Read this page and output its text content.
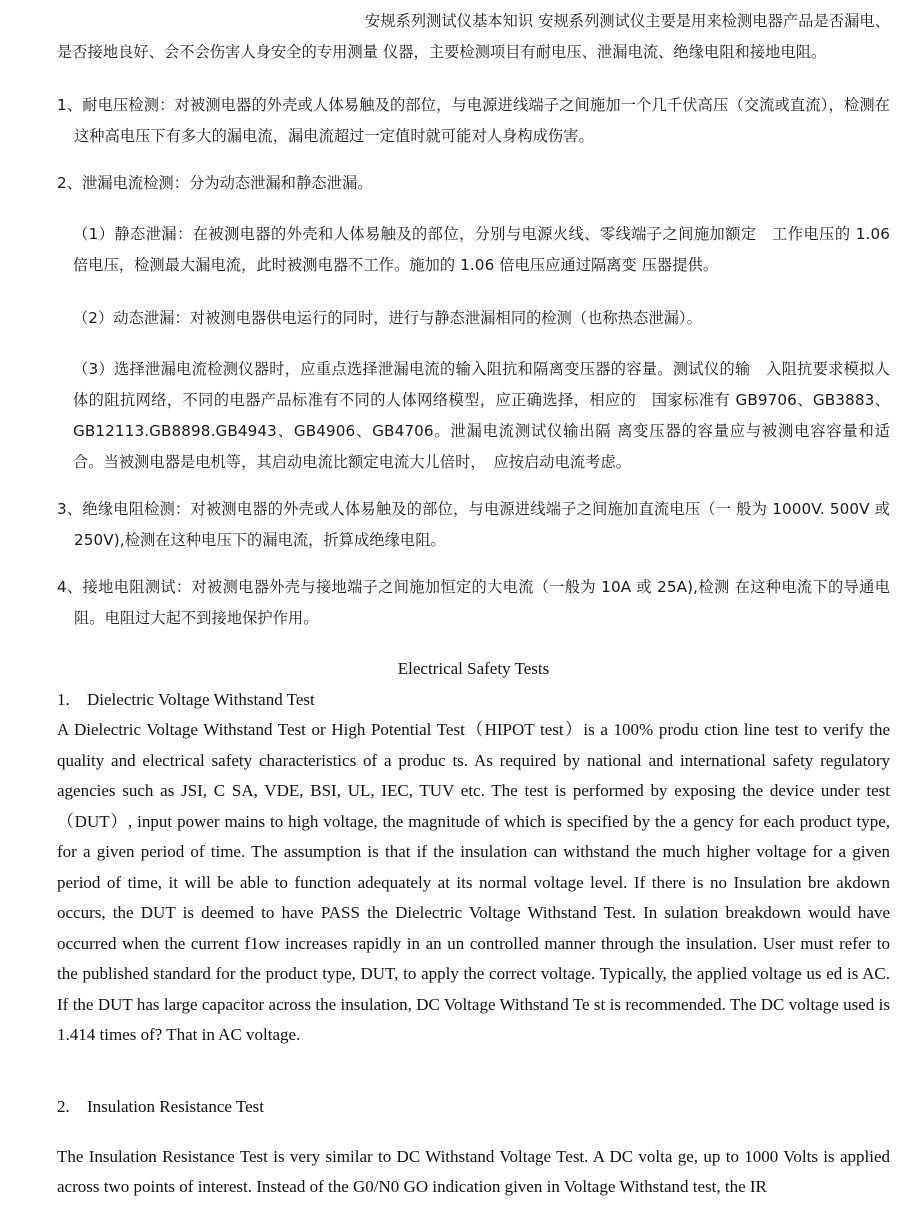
安规系列测试仪基本知识 安规系列测试仪主要是用来检测电器产品是否漏电、是否接地良好、会不会伤害人身安全的专用测量 仪器，主要检测项目有耐电压、泄漏电流、绝缘电阻和接地电阻。

1、耐电压检测：对被测电器的外壳或人体易触及的部位，与电源进线端子之间施加一个几千伏高压（交流或直流），检测在这种高电压下有多大的漏电流，漏电流超过一定值时就可能对人身构成伤害。

2、泄漏电流检测：分为动态泄漏和静态泄漏。

（1）静态泄漏：在被测电器的外壳和人体易触及的部位，分别与电源火线、零线端子之间施加额定　工作电压的 1.06 倍电压，检测最大漏电流，此时被测电器不工作。施加的 1.06 倍电压应通过隔离变 压器提供。

（2）动态泄漏：对被测电器供电运行的同时，进行与静态泄漏相同的检测（也称热态泄漏）。

（3）选择泄漏电流检测仪器时，应重点选择泄漏电流的输入阻抗和隔离变压器的容量。测试仪的输　入阻抗要求模拟人体的阻抗网络，不同的电器产品标准有不同的人体网络模型，应正确选择，相应的　国家标准有 GB9706、GB3883、GB12113.GB8898.GB4943、GB4906、GB4706。泄漏电流测试仪输出隔 离变压器的容量应与被测电容容量和适合。当被测电器是电机等，其启动电流比额定电流大儿倍时，　应按启动电流考虑。

3、绝缘电阻检测：对被测电器的外壳或人体易触及的部位，与电源进线端子之间施加直流电压（一 般为 1000V. 500V 或 250V),检测在这种电压下的漏电流，折算成绝缘电阻。

4、接地电阻测试：对被测电器外壳与接地端子之间施加恒定的大电流（一般为 10A 或 25A),检测 在这种电流下的导通电阻。电阻过大起不到接地保护作用。

Electrical Safety Tests

1. Dielectric Voltage Withstand Test

A Dielectric Voltage Withstand Test or High Potential Test（HIPOT test）is a 100% produ ction line test to verify the quality and electrical safety characteristics of a produc ts. As required by national and international safety regulatory agencies such as JSI, C SA, VDE, BSI, UL, IEC, TUV etc. The test is performed by exposing the device under test（DUT）, input power mains to high voltage, the magnitude of which is specified by the a gency for each product type, for a given period of time. The assumption is that if the insulation can withstand the much higher voltage for a given period of time, it will be able to function adequately at its normal voltage level. If there is no Insulation bre akdown occurs, the DUT is deemed to have PASS the Dielectric Voltage Withstand Test. In sulation breakdown would have occurred when the current f1ow increases rapidly in an un controlled manner through the insulation. User must refer to the published standard for the product type, DUT, to apply the correct voltage. Typically, the applied voltage us ed is AC. If the DUT has large capacitor across the insulation, DC Voltage Withstand Te st is recommended. The DC voltage used is 1.414 times of? That in AC voltage.

2. Insulation Resistance Test

The Insulation Resistance Test is very similar to DC Withstand Voltage Test. A DC volta ge, up to 1000 Volts is applied across two points of interest. Instead of the G0/N0 GO indication given in Voltage Withstand test, the IR
